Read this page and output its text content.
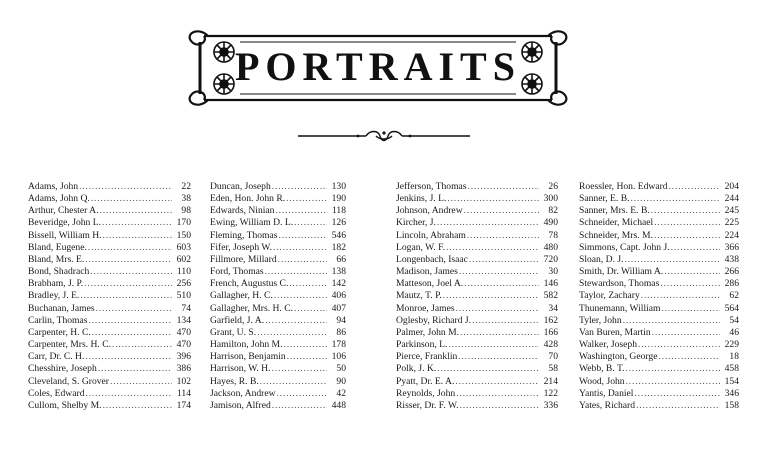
PORTRAITS
Adams, John .....	22
Adams, John Q. .....	38
Arthur, Chester A. .....	98
Beveridge, John L. .....	170
Bissell, William H. .....	150
Bland, Eugene. .....	603
Bland, Mrs. E. .....	602
Bond, Shadrach .....	110
Brabham, J. P. .....	256
Bradley, J. E. .....	510
Buchanan, James .....	74
Carlin, Thomas .....	134
Carpenter, H. C. .....	470
Carpenter, Mrs. H. C. .....	470
Carr, Dr. C. H. .....	396
Chesshire, Joseph .....	386
Cleveland, S. Grover .....	102
Coles, Edward .....	114
Cullom, Shelby M. .....	174
Duncan, Joseph .....	130
Eden, Hon. John R. .....	190
Edwards, Ninian .....	118
Ewing, William D. L. .....	126
Fleming, Thomas .....	546
Fifer, Joseph W. .....	182
Fillmore, Millard .....	66
Ford, Thomas .....	138
French, Augustus C. .....	142
Gallagher, H. C. .....	406
Gallagher, Mrs. H. C. .....	407
Garfield, J. A. .....	94
Grant, U. S. .....	86
Hamilton, John M. .....	178
Harrison, Benjamin .....	106
Harrison, W. H. .....	50
Hayes, R. B. .....	90
Jackson, Andrew .....	42
Jamison, Alfred .....	448
Jefferson, Thomas .....	26
Jenkins, J. L. .....	300
Johnson, Andrew .....	82
Kircher, J. .....	490
Lincoln, Abraham .....	78
Logan, W. F. .....	480
Longenbach, Isaac .....	720
Madison, James .....	30
Matteson, Joel A. .....	146
Mautz, T. P. .....	582
Monroe, James .....	34
Oglesby, Richard J. .....	162
Palmer, John M. .....	166
Parkinson, L. .....	428
Pierce, Franklin .....	70
Polk, J. K. .....	58
Pyatt, Dr. E. A. .....	214
Reynolds, John .....	122
Risser, Dr. F. W. .....	336
Roessler, Hon. Edward .....	204
Sanner, E. B. .....	244
Sanner, Mrs. E. B. .....	245
Schneider, Michael .....	225
Schneider, Mrs. M. .....	224
Simmons, Capt. John J. .....	366
Sloan, D. J. .....	438
Smith, Dr. William A. .....	266
Stewardson, Thomas .....	286
Taylor, Zachary .....	62
Thunemann, William .....	564
Tyler, John .....	54
Van Buren, Martin .....	46
Walker, Joseph .....	229
Washington, George .....	18
Webb, B. T. .....	458
Wood, John .....	154
Yantis, Daniel .....	346
Yates, Richard .....	158
